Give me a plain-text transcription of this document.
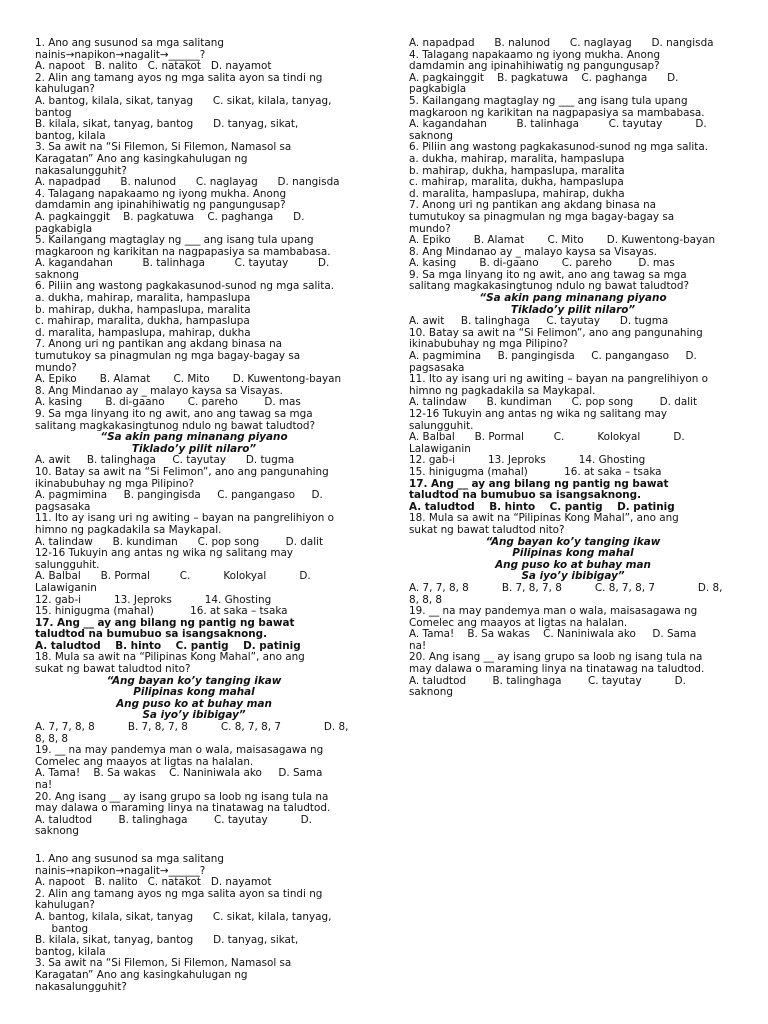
1. Ano ang susunod sa mga salitang
nainis→napikon→nagalit→______?
A. napoot   B. nalito   C. natakot   D. nayamot
2. Alin ang tamang ayos ng mga salita ayon sa tindi ng
kahulugan?
A. bantog, kilala, sikat, tanyag      C. sikat, kilala, tanyag,
bantog
B. kilala, sikat, tanyag, bantog      D. tanyag, sikat,
bantog, kilala
3. Sa awit na “Si Filemon, Si Filemon, Namasol sa
Karagatan” Ano ang kasingkahulugan ng
nakasalungguhit?
A. napadpad      B. nalunod      C. naglayag      D. nangisda
4. Talagang napakaamo ng iyong mukha. Anong
damdamin ang ipinahihiwatig ng pangungusap?
A. pagkainggit    B. pagkatuwa    C. paghanga      D.
pagkabigla
5. Kailangang magtaglay ng ___ ang isang tula upang
magkaroon ng karikitan na nagpapasiya sa mambabasa.
A. kagandahan         B. talinhaga         C. tayutay         D.
saknong
6. Piliin ang wastong pagkakasunod-sunod ng mga salita.
a. dukha, mahirap, maralita, hampaslupa
b. mahirap, dukha, hampaslupa, maralita
c. mahirap, maralita, dukha, hampaslupa
d. maralita, hampaslupa, mahirap, dukha
7. Anong uri ng pantikan ang akdang binasa na
tumutukoy sa pinagmulan ng mga bagay-bagay sa
mundo?
A. Epiko       B. Alamat       C. Mito       D. Kuwentong-bayan
8. Ang Mindanao ay _ malayo kaysa sa Visayas.
A. kasing       B. di-gaano       C. pareho        D. mas
9. Sa mga linyang ito ng awit, ano ang tawag sa mga
salitang magkakasingtunog ndulo ng bawat taludtod?
“Sa akin pang minanang piyano
Tiklado’y pilit nilaro”
A. awit     B. talinghaga     C. tayutay      D. tugma
10. Batay sa awit na “Si Felimon”, ano ang pangunahing
ikinabubuhay ng mga Pilipino?
A. pagmimina     B. pangingisda     C. pangangaso     D.
pagsasaka
11. Ito ay isang uri ng awiting – bayan na pangrelihiyon o
himno ng pagkadakila sa Maykapal.
A. talindaw      B. kundiman      C. pop song        D. dalit
12-16 Tukuyin ang antas ng wika ng salitang may
salungguhit.
A. Balbal      B. Pormal         C.          Kolokyal          D.
Lalawiganin
12. gab-i          13. Jeproks          14. Ghosting
15. hinigugma (mahal)           16. at saka – tsaka
17. Ang __ ay ang bilang ng pantig ng bawat
taludtod na bumubuo sa isangsaknong.
A. taludtod    B. hinto    C. pantig    D. patinig
18. Mula sa awit na “Pilipinas Kong Mahal”, ano ang
sukat ng bawat taludtod nito?
“Ang bayan ko’y tanging ikaw
Pilipinas kong mahal
Ang puso ko at buhay man
Sa iyo’y ibibigay”
A. 7, 7, 8, 8          B. 7, 8, 7, 8          C. 8, 7, 8, 7             D. 8,
8, 8, 8
19. __ na may pandemya man o wala, maisasagawa ng
Comelec ang maayos at ligtas na halalan.
A. Tama!    B. Sa wakas    C. Naniniwala ako     D. Sama
na!
20. Ang isang __ ay isang grupo sa loob ng isang tula na
may dalawa o maraming linya na tinatawag na taludtod.
A. taludtod        B. talinghaga        C. tayutay          D.
saknong
A. napadpad      B. nalunod      C. naglayag      D. nangisda
4. Talagang napakaamo ng iyong mukha. Anong
damdamin ang ipinahihiwatig ng pangungusap?
A. pagkainggit    B. pagkatuwa    C. paghanga      D.
pagkabigla
5. Kailangang magtaglay ng ___ ang isang tula upang
magkaroon ng karikitan na nagpapasiya sa mambabasa.
A. kagandahan         B. talinhaga         C. tayutay          D.
saknong
6. Piliin ang wastong pagkakasunod-sunod ng mga salita.
a. dukha, mahirap, maralita, hampaslupa
b. mahirap, dukha, hampaslupa, maralita
c. mahirap, maralita, dukha, hampaslupa
d. maralita, hampaslupa, mahirap, dukha
7. Anong uri ng pantikan ang akdang binasa na
tumutukoy sa pinagmulan ng mga bagay-bagay sa
mundo?
A. Epiko       B. Alamat       C. Mito       D. Kuwentong-bayan
8. Ang Mindanao ay _ malayo kaysa sa Visayas.
A. kasing       B. di-gaano       C. pareho        D. mas
9. Sa mga linyang ito ng awit, ano ang tawag sa mga
salitang magkakasingtunog ndulo ng bawat taludtod?
“Sa akin pang minanang piyano
Tiklado’y pilit nilaro”
A. awit     B. talinghaga     C. tayutay      D. tugma
10. Batay sa awit na “Si Felimon”, ano ang pangunahing
ikinabubuhay ng mga Pilipino?
A. pagmimina     B. pangingisda     C. pangangaso     D.
pagsasaka
11. Ito ay isang uri ng awiting – bayan na pangrelihiyon o
himno ng pagkadakila sa Maykapal.
A. talindaw      B. kundiman      C. pop song        D. dalit
12-16 Tukuyin ang antas ng wika ng salitang may
salungguhit.
A. Balbal      B. Pormal         C.          Kolokyal          D.
Lalawiganin
12. gab-i          13. Jeproks          14. Ghosting
15. hinigugma (mahal)           16. at saka – tsaka
17. Ang __ ay ang bilang ng pantig ng bawat
taludtod na bumubuo sa isangsaknong.
A. taludtod    B. hinto    C. pantig    D. patinig
18. Mula sa awit na “Pilipinas Kong Mahal”, ano ang
sukat ng bawat taludtod nito?
“Ang bayan ko’y tanging ikaw
Pilipinas kong mahal
Ang puso ko at buhay man
Sa iyo’y ibibigay”
A. 7, 7, 8, 8          B. 7, 8, 7, 8          C. 8, 7, 8, 7             D. 8,
8, 8, 8
19. __ na may pandemya man o wala, maisasagawa ng
Comelec ang maayos at ligtas na halalan.
A. Tama!    B. Sa wakas    C. Naniniwala ako     D. Sama
na!
20. Ang isang __ ay isang grupo sa loob ng isang tula na
may dalawa o maraming linya na tinatawag na taludtod.
A. taludtod        B. talinghaga        C. tayutay          D.
saknong
1. Ano ang susunod sa mga salitang
nainis→napikon→nagalit→______?
A. napoot   B. nalito   C. natakot   D. nayamot
2. Alin ang tamang ayos ng mga salita ayon sa tindi ng
kahulugan?
A. bantog, kilala, sikat, tanyag      C. sikat, kilala, tanyag,
bantog
B. kilala, sikat, tanyag, bantog      D. tanyag, sikat,
bantog, kilala
3. Sa awit na “Si Filemon, Si Filemon, Namasol sa
Karagatan” Ano ang kasingkahulugan ng
nakasalungguhit?
